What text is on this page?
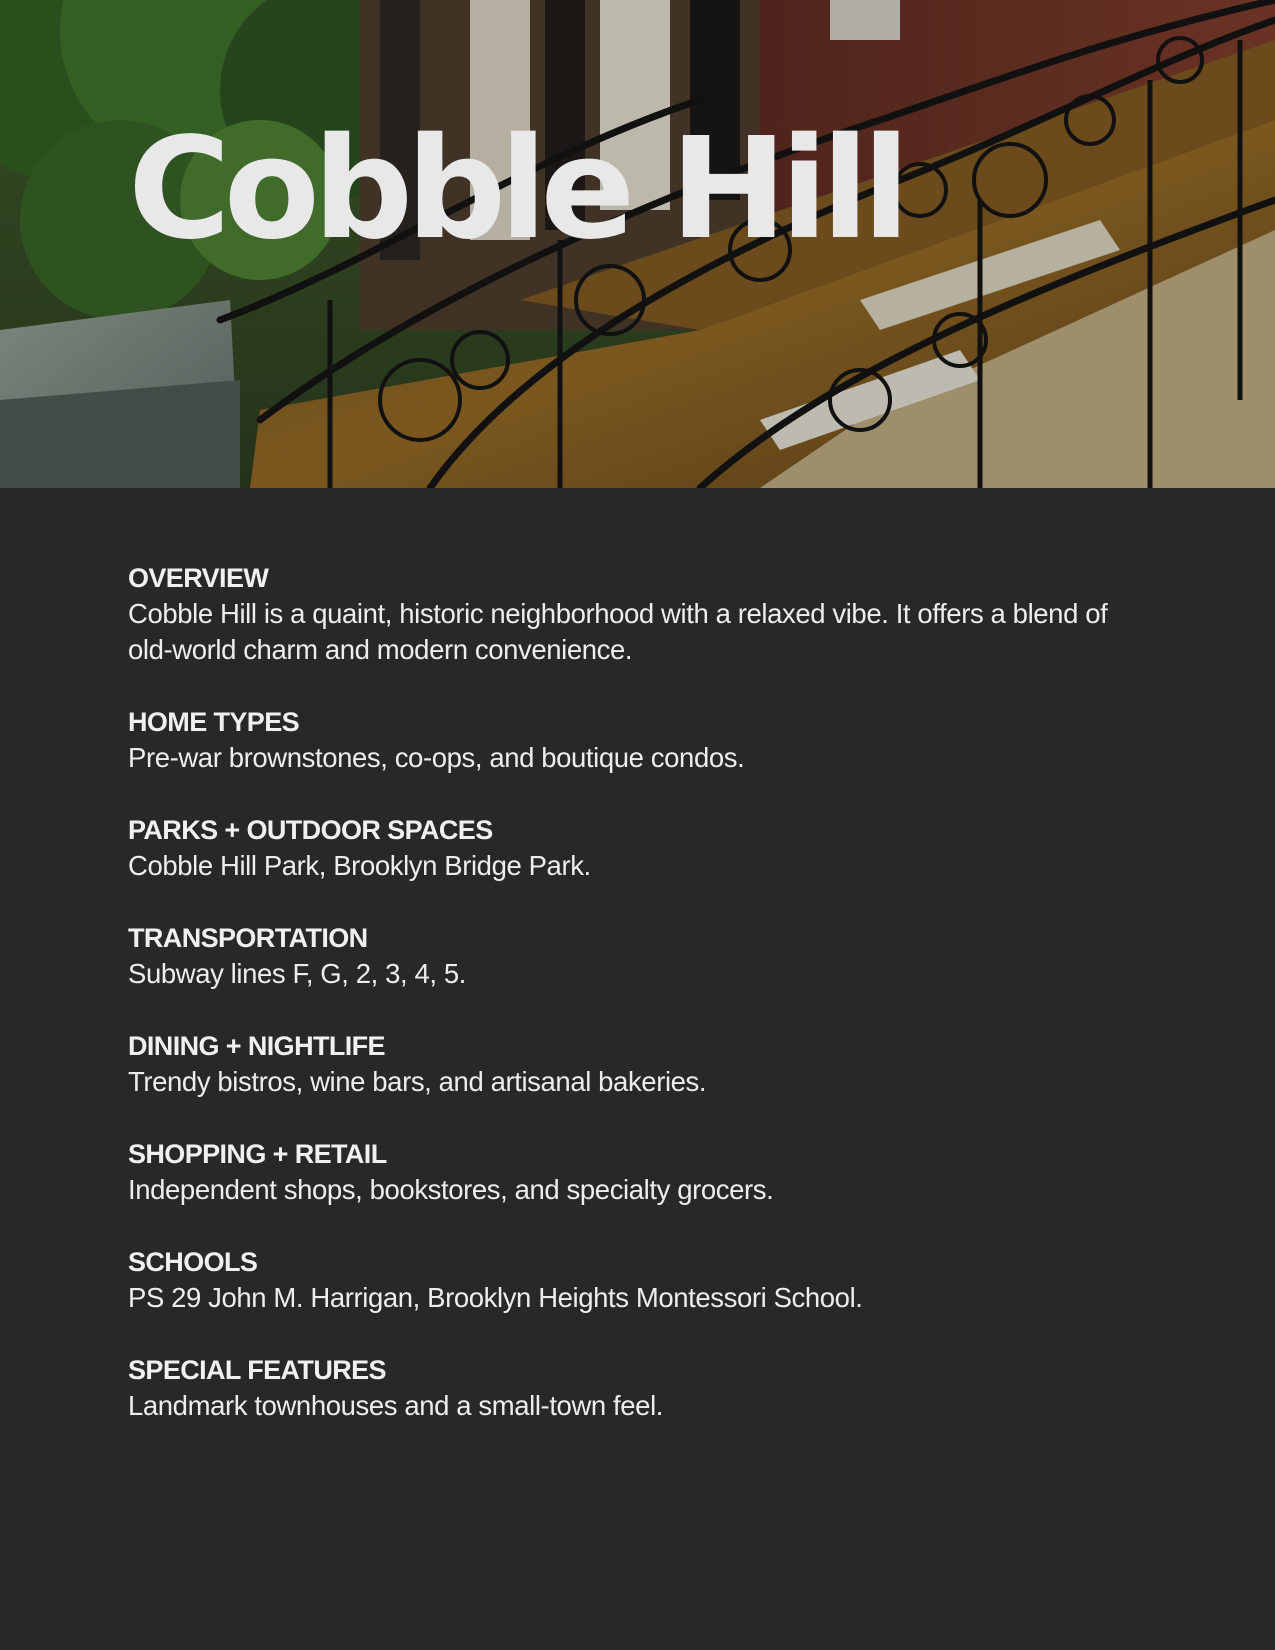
Cobble Hill
OVERVIEW

Cobble Hill is a quaint, historic neighborhood with a relaxed vibe. It offers a blend of old-world charm and modern convenience.

HOME TYPES

Pre-war brownstones, co-ops, and boutique condos.

PARKS + OUTDOOR SPACES

Cobble Hill Park, Brooklyn Bridge Park.

TRANSPORTATION

Subway lines F, G, 2, 3, 4, 5.

DINING + NIGHTLIFE

Trendy bistros, wine bars, and artisanal bakeries.

SHOPPING + RETAIL

Independent shops, bookstores, and specialty grocers.

SCHOOLS

PS 29 John M. Harrigan, Brooklyn Heights Montessori School.

SPECIAL FEATURES

Landmark townhouses and a small-town feel.
